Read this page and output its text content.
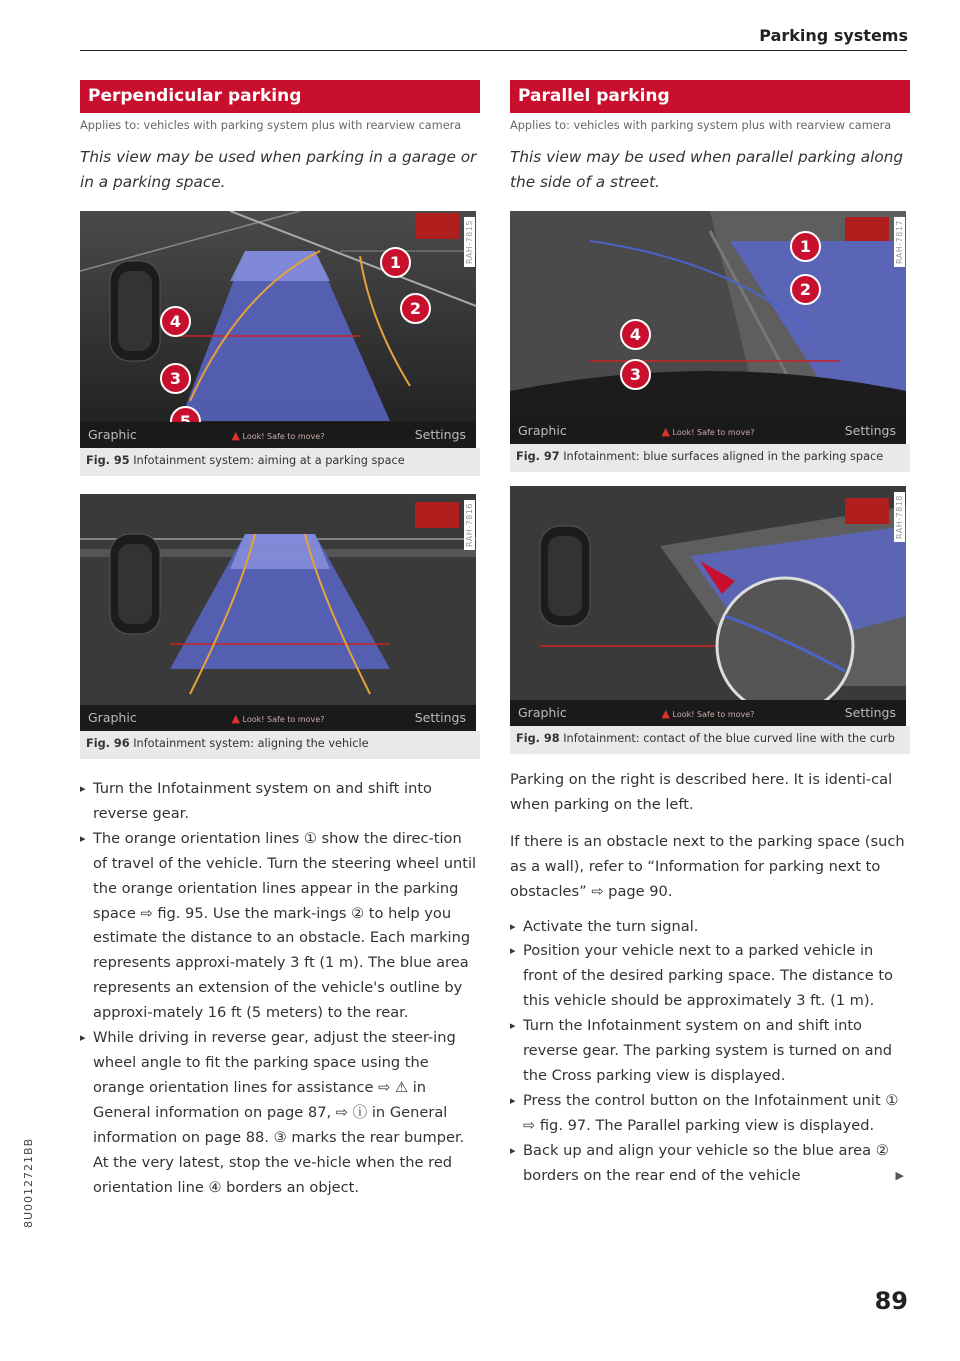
Parking systems
Perpendicular parking
Applies to: vehicles with parking system plus with rearview camera
This view may be used when parking in a garage or in a parking space.
1
2
3
4
RAH-7815
Graphic	▲ Look! Safe to move?	Settings
Fig. 95 Infotainment system: aiming at a parking space
RAH-7816
Graphic	▲ Look! Safe to move?	Settings
Fig. 96 Infotainment system: aligning the vehicle
▸ Turn the Infotainment system on and shift into reverse gear.
▸ The orange orientation lines ① show the direc-tion of travel of the vehicle. Turn the steering wheel until the orange orientation lines appear in the parking space ⇨ fig. 95. Use the mark-ings ② to help you estimate the distance to an obstacle. Each marking represents approxi-mately 3 ft (1 m). The blue area represents an extension of the vehicle's outline by approxi-mately 16 ft (5 meters) to the rear.
▸ While driving in reverse gear, adjust the steer-ing wheel angle to fit the parking space using the orange orientation lines for assistance ⇨ ⚠ in General information on page 87, ⇨ ⓘ in General information on page 88. ③ marks the rear bumper. At the very latest, stop the ve-hicle when the red orientation line ④ borders an object.
Parallel parking
Applies to: vehicles with parking system plus with rearview camera
This view may be used when parallel parking along the side of a street.
1
2
3
4
RAH-7817
Graphic	▲ Look! Safe to move?	Settings
Fig. 97 Infotainment: blue surfaces aligned in the parking space
RAH-7818
Graphic	▲ Look! Safe to move?	Settings
Fig. 98 Infotainment: contact of the blue curved line with the curb

Parking on the right is described here. It is identi-cal when parking on the left.

If there is an obstacle next to the parking space (such as a wall), refer to “Information for parking next to obstacles” ⇨ page 90.

▸ Activate the turn signal.
▸ Position your vehicle next to a parked vehicle in front of the desired parking space. The distance to this vehicle should be approximately 3 ft. (1 m).
▸ Turn the Infotainment system on and shift into reverse gear. The parking system is turned on and the Cross parking view is displayed.
▸ Press the control button on the Infotainment unit ① ⇨ fig. 97. The Parallel parking view is displayed.
▸ Back up and align your vehicle so the blue area ② borders on the rear end of the vehicle	▶
89
8U0012721BB
